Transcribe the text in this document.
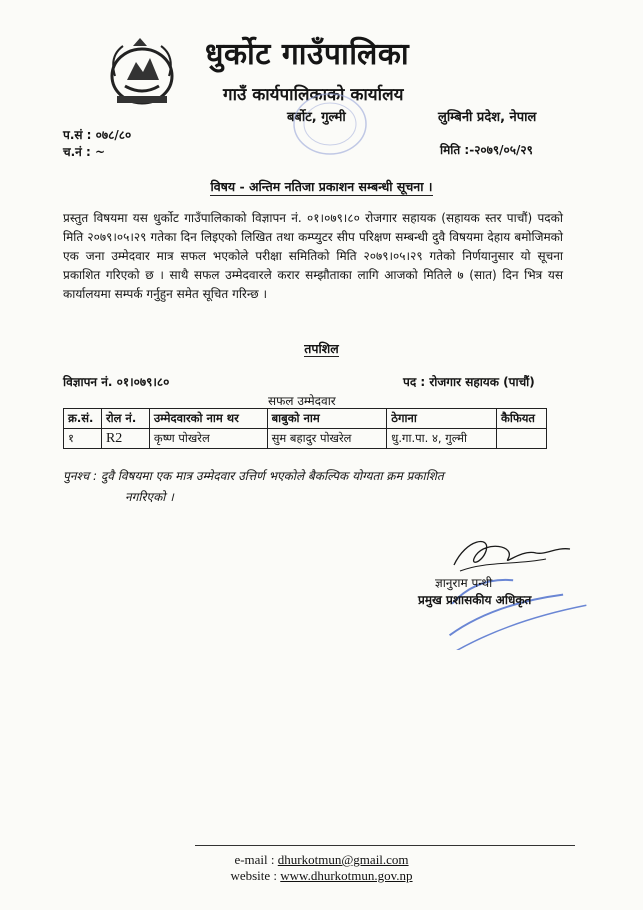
धुर्कोट गाउँपालिका
गाउँ कार्यपालिकाको कार्यालय
बर्बोट, गुल्मी	लुम्बिनी प्रदेश, नेपाल
प.सं : ०७८/८०
च.नं : ~	मिति :-२०७९/०५/२९
विषय - अन्तिम नतिजा प्रकाशन सम्बन्धी सूचना ।
प्रस्तुत विषयमा यस धुर्कोट गाउँपालिकाको विज्ञापन नं. ०१।०७९।८० रोजगार सहायक (सहायक स्तर पाचौं) पदको मिति २०७९।०५।२९ गतेका दिन लिइएको लिखित तथा कम्प्युटर सीप परिक्षण सम्बन्धी दुवै विषयमा देहाय बमोजिमको एक जना उम्मेदवार मात्र सफल भएकोले परीक्षा समितिको मिति २०७९।०५।२९ गतेको निर्णयानुसार यो सूचना प्रकाशित गरिएको छ । साथै सफल उम्मेदवारले करार सम्झौताका लागि आजको मितिले ७ (सात) दिन भित्र यस कार्यालयमा सम्पर्क गर्नुहुन समेत सूचित गरिन्छ ।
तपशिल
विज्ञापन नं. ०१।०७९।८०	पद : रोजगार सहायक (पाचौं)
सफल उम्मेदवार
क्र.सं.	रोल नं.	उम्मेदवारको नाम थर	बाबुको नाम	ठेगाना	कैफियत
१	R2	कृष्ण पोखरेल	सुम बहादुर पोखरेल	धु.गा.पा. ४, गुल्मी	
पुनश्च : दुवै विषयमा एक मात्र उम्मेदवार उत्तिर्ण भएकोले बैकल्पिक योग्यता क्रम प्रकाशित
नगरिएको ।
ज्ञानुराम पन्थी
प्रमुख प्रशासकीय अधिकृत
e-mail : dhurkotmun@gmail.com
website : www.dhurkotmun.gov.np
